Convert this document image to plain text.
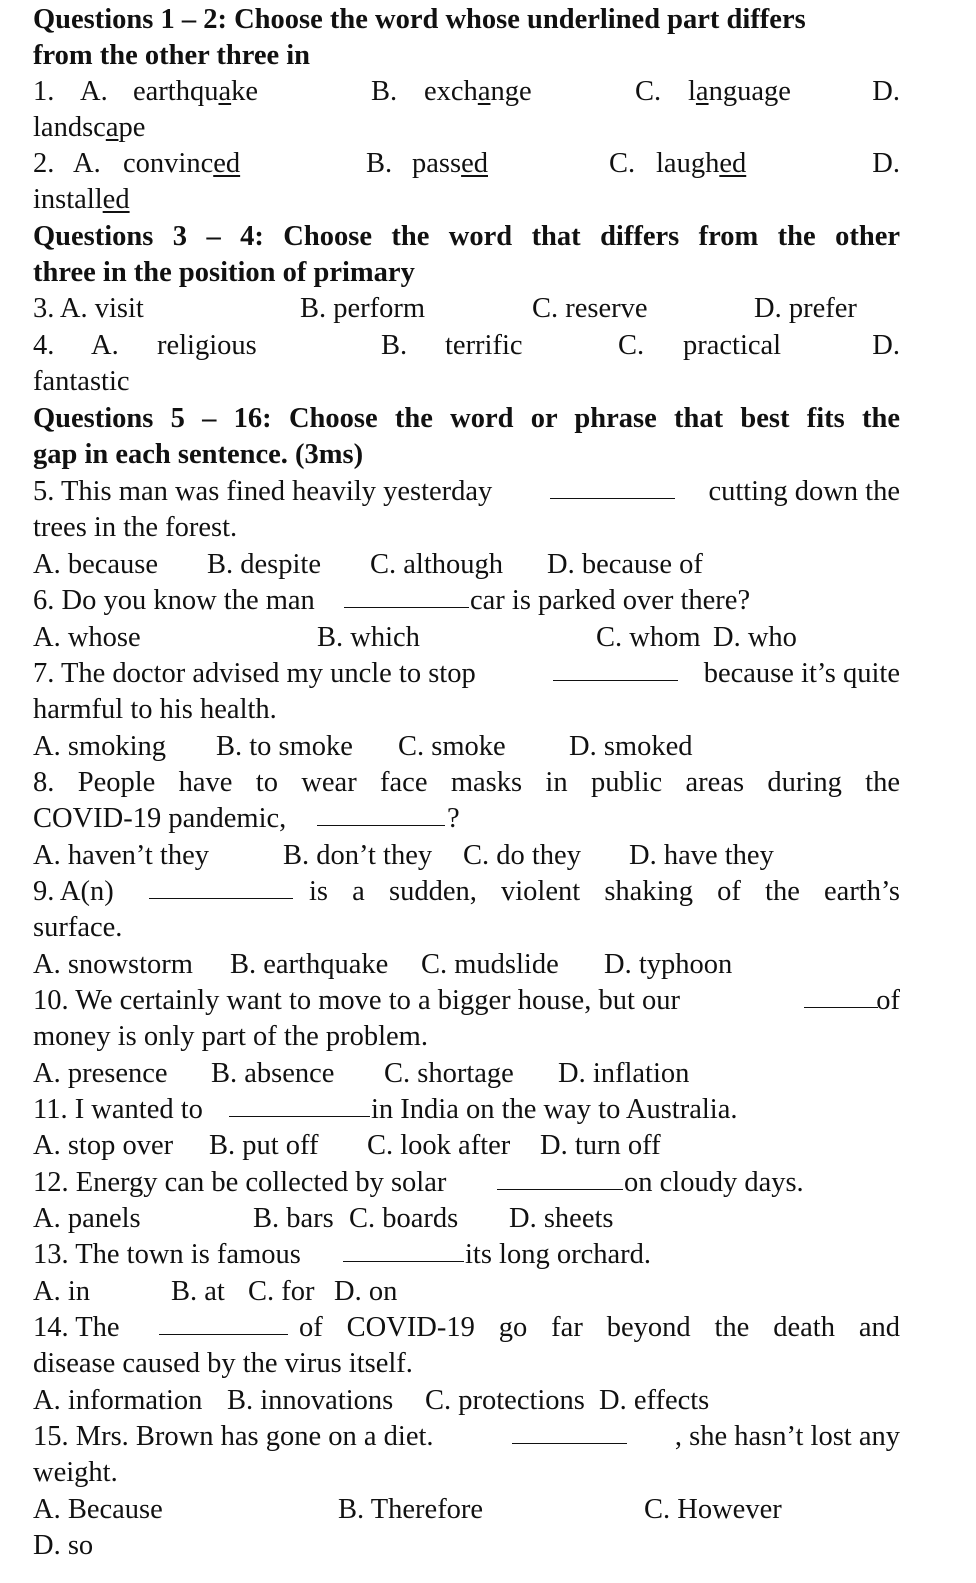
Questions 1 – 2: Choose the word whose underlined part differs
from the other three in
1. A. earthquake	B. exchange	C. language	D.
landscape
2. A. convinced	B. passed	C. laughed	D.
installed
Questions 3 – 4: Choose the word that differs from the other
three in the position of primary
3. A. visit	B. perform	C. reserve	D. prefer
4. A. religious	B. terrific	C. practical	D.
fantastic
Questions 5 – 16: Choose the word or phrase that best fits the
gap in each sentence. (3ms)
5. This man was fined heavily yesterday	cutting down the
trees in the forest.
A. because B. despite C. although D. because of
6. Do you know the man	car is parked over there?
A. whose	B. which	C. whom D. who
7. The doctor advised my uncle to stop	because it’s quite
harmful to his health.
A. smoking B. to smoke C. smoke D. smoked
8. People have to wear face masks in public areas during the
COVID-19 pandemic,	?
A. haven’t they	B. don’t they C. do they D. have they
9. A(n)	is a sudden, violent shaking of the earth’s
surface.
A. snowstorm B. earthquake C. mudslide D. typhoon
10. We certainly want to move to a bigger house, but our	of
money is only part of the problem.
A. presence B. absence C. shortage D. inflation
11. I wanted to	in India on the way to Australia.
A. stop over B. put off C. look after D. turn off
12. Energy can be collected by solar	on cloudy days.
A. panels	B. bars C. boards D. sheets
13. The town is famous	its long orchard.
A. in	B. at C. for D. on
14. The	of COVID-19 go far beyond the death and
disease caused by the virus itself.
A. information B. innovations C. protections D. effects
15. Mrs. Brown has gone on a diet.	, she hasn’t lost any
weight.
A. Because	B. Therefore	C. However
D. so
